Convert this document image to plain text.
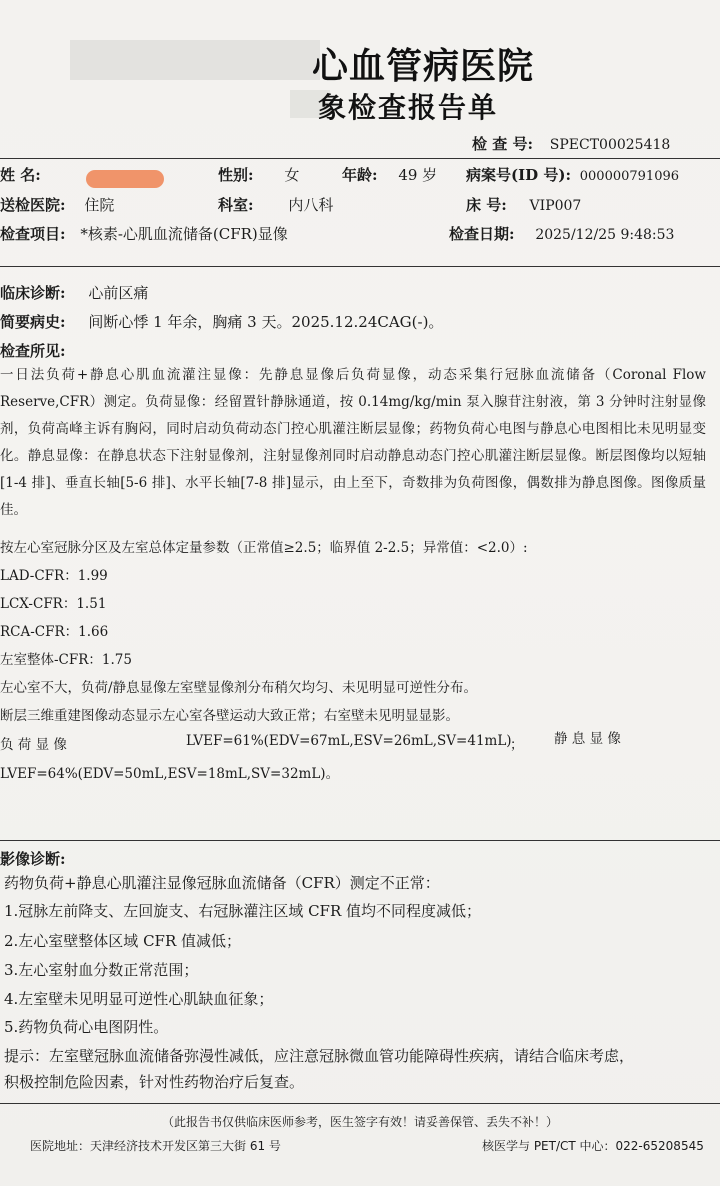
心血管病医院
象检查报告单
检 查 号: SPECT00025418
姓 名:	性别: 女	年龄: 49 岁 病案号(ID 号): 000000791096
送检医院: 住院	科室: 内八科	床 号: VIP007
检查项目: *核素-心肌血流储备(CFR)显像	检查日期: 2025/12/25 9:48:53
临床诊断: 心前区痛
简要病史: 间断心悸 1 年余，胸痛 3 天。2025.12.24CAG(-)。
检查所见:
一日法负荷+静息心肌血流灌注显像：先静息显像后负荷显像，动态采集行冠脉血流储备（Coronal Flow Reserve,CFR）测定。负荷显像：经留置针静脉通道，按 0.14mg/kg/min 泵入腺苷注射液，第 3 分钟时注射显像剂，负荷高峰主诉有胸闷，同时启动负荷动态门控心肌灌注断层显像；药物负荷心电图与静息心电图相比未见明显变化。静息显像：在静息状态下注射显像剂，注射显像剂同时启动静息动态门控心肌灌注断层显像。断层图像均以短轴[1-4 排]、垂直长轴[5-6 排]、水平长轴[7-8 排]显示，由上至下，奇数排为负荷图像，偶数排为静息图像。图像质量佳。
按左心室冠脉分区及左室总体定量参数（正常值≥2.5；临界值 2-2.5；异常值：<2.0）:
LAD-CFR：1.99
LCX-CFR：1.51
RCA-CFR：1.66
左室整体-CFR：1.75
左心室不大，负荷/静息显像左室壁显像剂分布稍欠均匀、未见明显可逆性分布。
断层三维重建图像动态显示左心室各壁运动大致正常；右室壁未见明显显影。
负 荷 显 像	LVEF=61%(EDV=67mL,ESV=26mL,SV=41mL)
； 静 息 显 像
LVEF=64%(EDV=50mL,ESV=18mL,SV=32mL)。
影像诊断:
药物负荷+静息心肌灌注显像冠脉血流储备（CFR）测定不正常：
1.冠脉左前降支、左回旋支、右冠脉灌注区域 CFR 值均不同程度减低；
2.左心室壁整体区域 CFR 值减低；
3.左心室射血分数正常范围；
4.左室壁未见明显可逆性心肌缺血征象；
5.药物负荷心电图阴性。
提示：左室壁冠脉血流储备弥漫性减低，应注意冠脉微血管功能障碍性疾病，请结合临床考虑，
积极控制危险因素，针对性药物治疗后复查。
（此报告书仅供临床医师参考，医生签字有效！请妥善保管、丢失不补！）
医院地址：天津经济技术开发区第三大街 61 号	核医学与 PET/CT 中心：022-65208545
